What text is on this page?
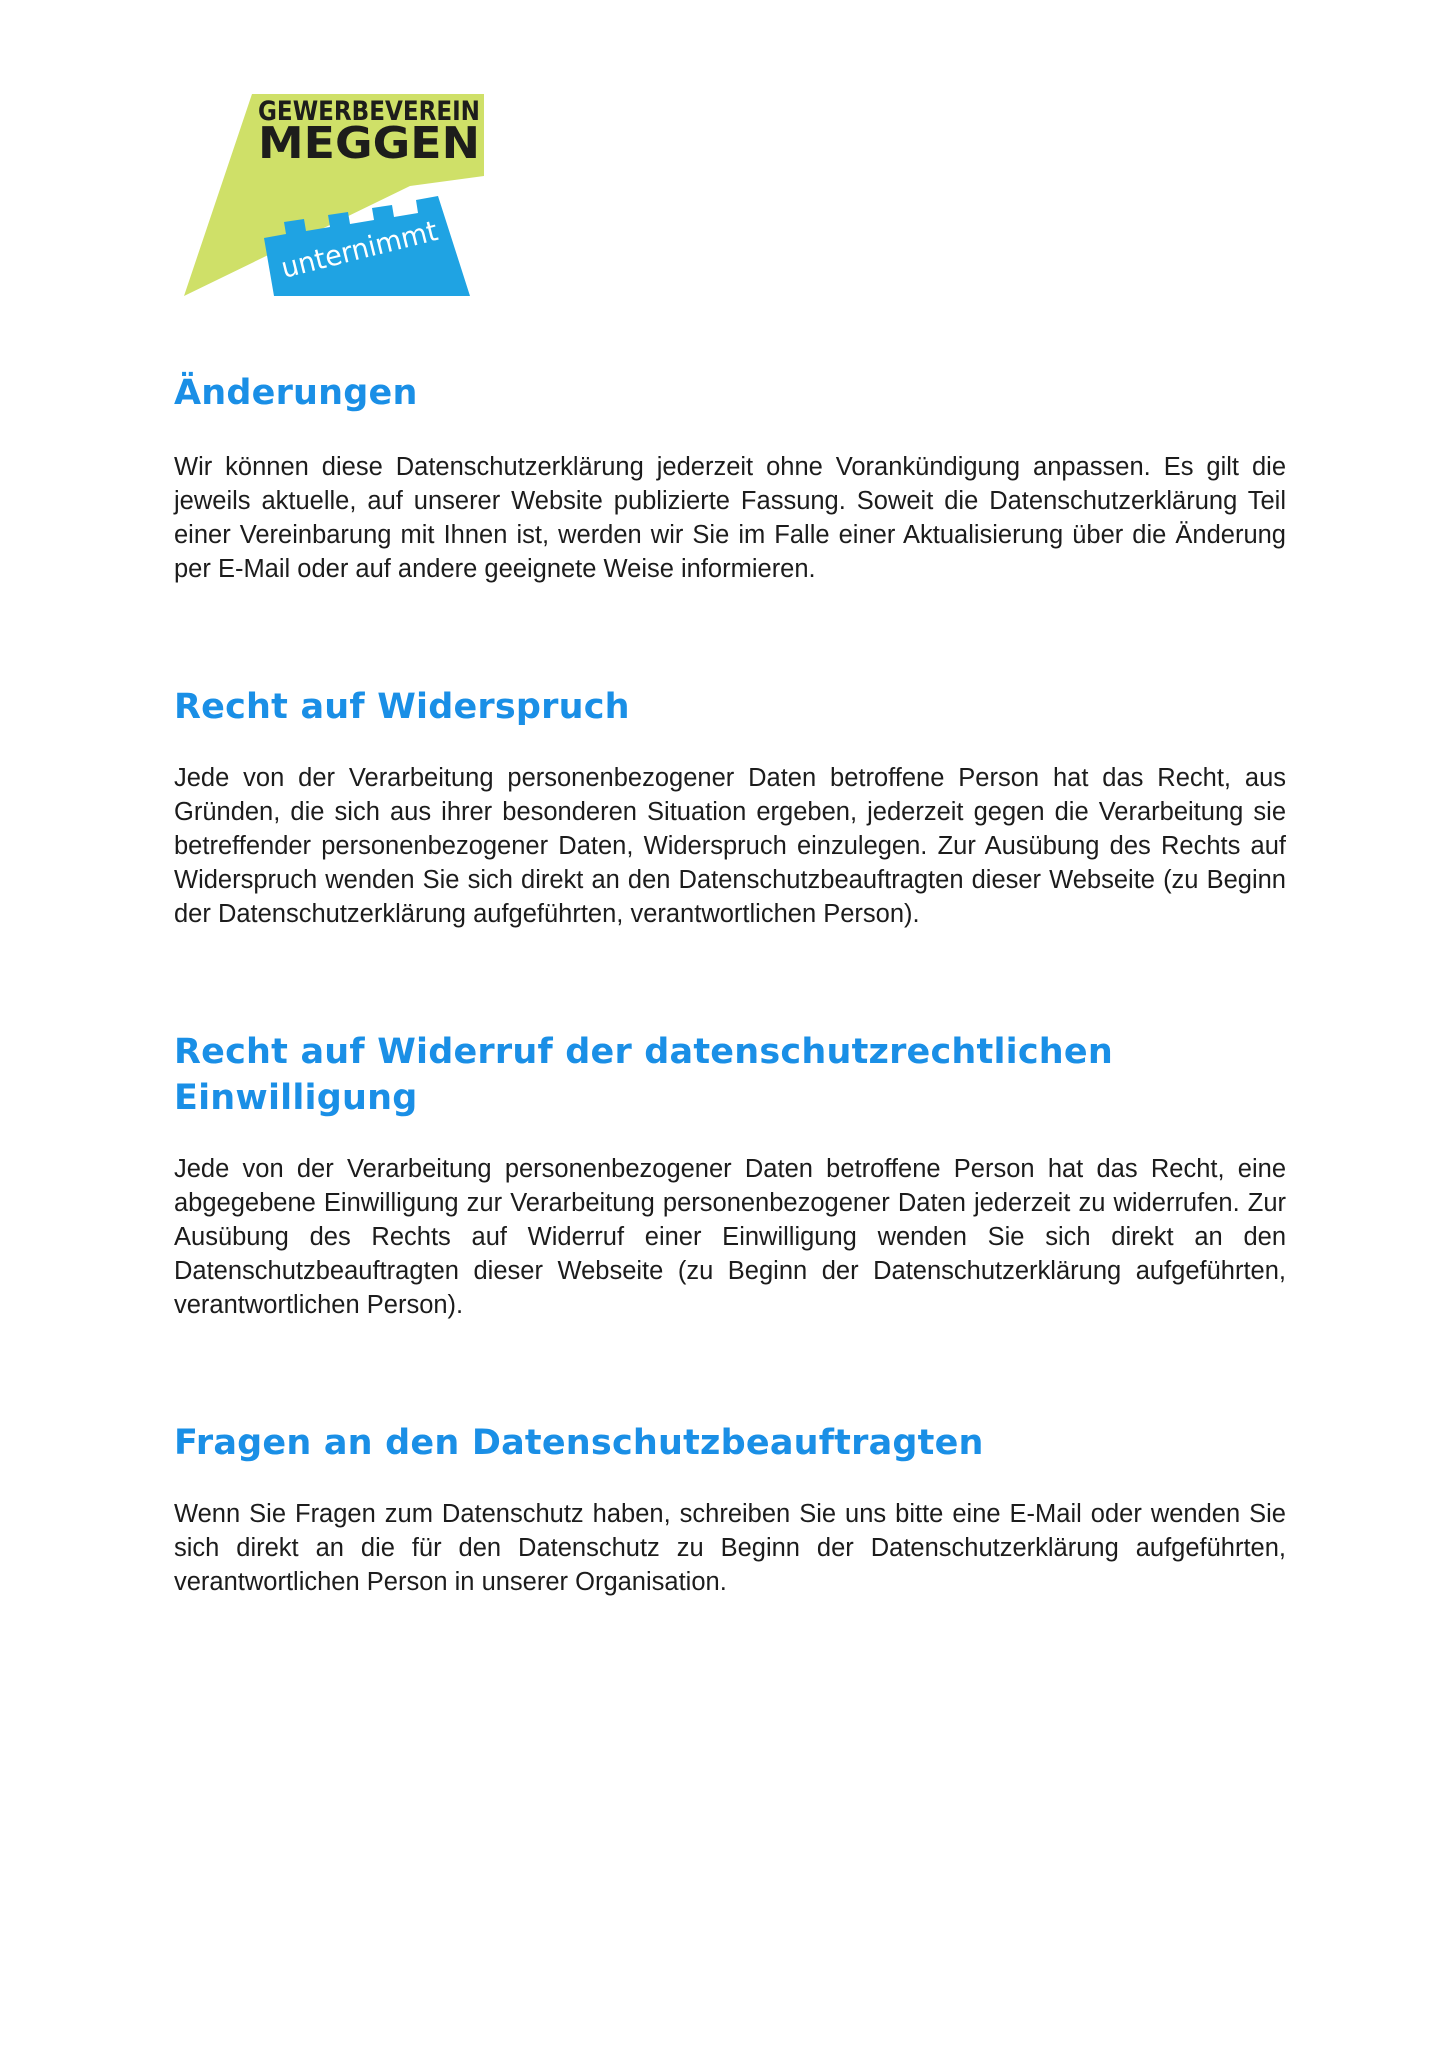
GEWERBEVEREIN
MEGGEN
unternimmt
Änderungen

Wir können diese Datenschutzerklärung jederzeit ohne Vorankündigung anpassen. Es gilt die jeweils aktuelle, auf unserer Website publizierte Fassung. Soweit die Datenschutzerklärung Teil einer Vereinbarung mit Ihnen ist, werden wir Sie im Falle einer Aktualisierung über die Änderung per E-Mail oder auf andere geeignete Weise informieren.

Recht auf Widerspruch

Jede von der Verarbeitung personenbezogener Daten betroffene Person hat das Recht, aus Gründen, die sich aus ihrer besonderen Situation ergeben, jederzeit gegen die Verarbeitung sie betreffender personenbezogener Daten, Widerspruch einzulegen. Zur Ausübung des Rechts auf Widerspruch wenden Sie sich direkt an den Datenschutzbeauftragten dieser Webseite (zu Beginn der Datenschutzerklärung aufgeführten, verantwortlichen Person).

Recht auf Widerruf der datenschutzrechtlichen Einwilligung

Jede von der Verarbeitung personenbezogener Daten betroffene Person hat das Recht, eine abgegebene Einwilligung zur Verarbeitung personenbezogener Daten jederzeit zu widerrufen. Zur Ausübung des Rechts auf Widerruf einer Einwilligung wenden Sie sich direkt an den Datenschutzbeauftragten dieser Webseite (zu Beginn der Datenschutzerklärung aufgeführten, verantwortlichen Person).

Fragen an den Datenschutzbeauftragten

Wenn Sie Fragen zum Datenschutz haben, schreiben Sie uns bitte eine E-Mail oder wenden Sie sich direkt an die für den Datenschutz zu Beginn der Datenschutzerklärung aufgeführten, verantwortlichen Person in unserer Organisation.
